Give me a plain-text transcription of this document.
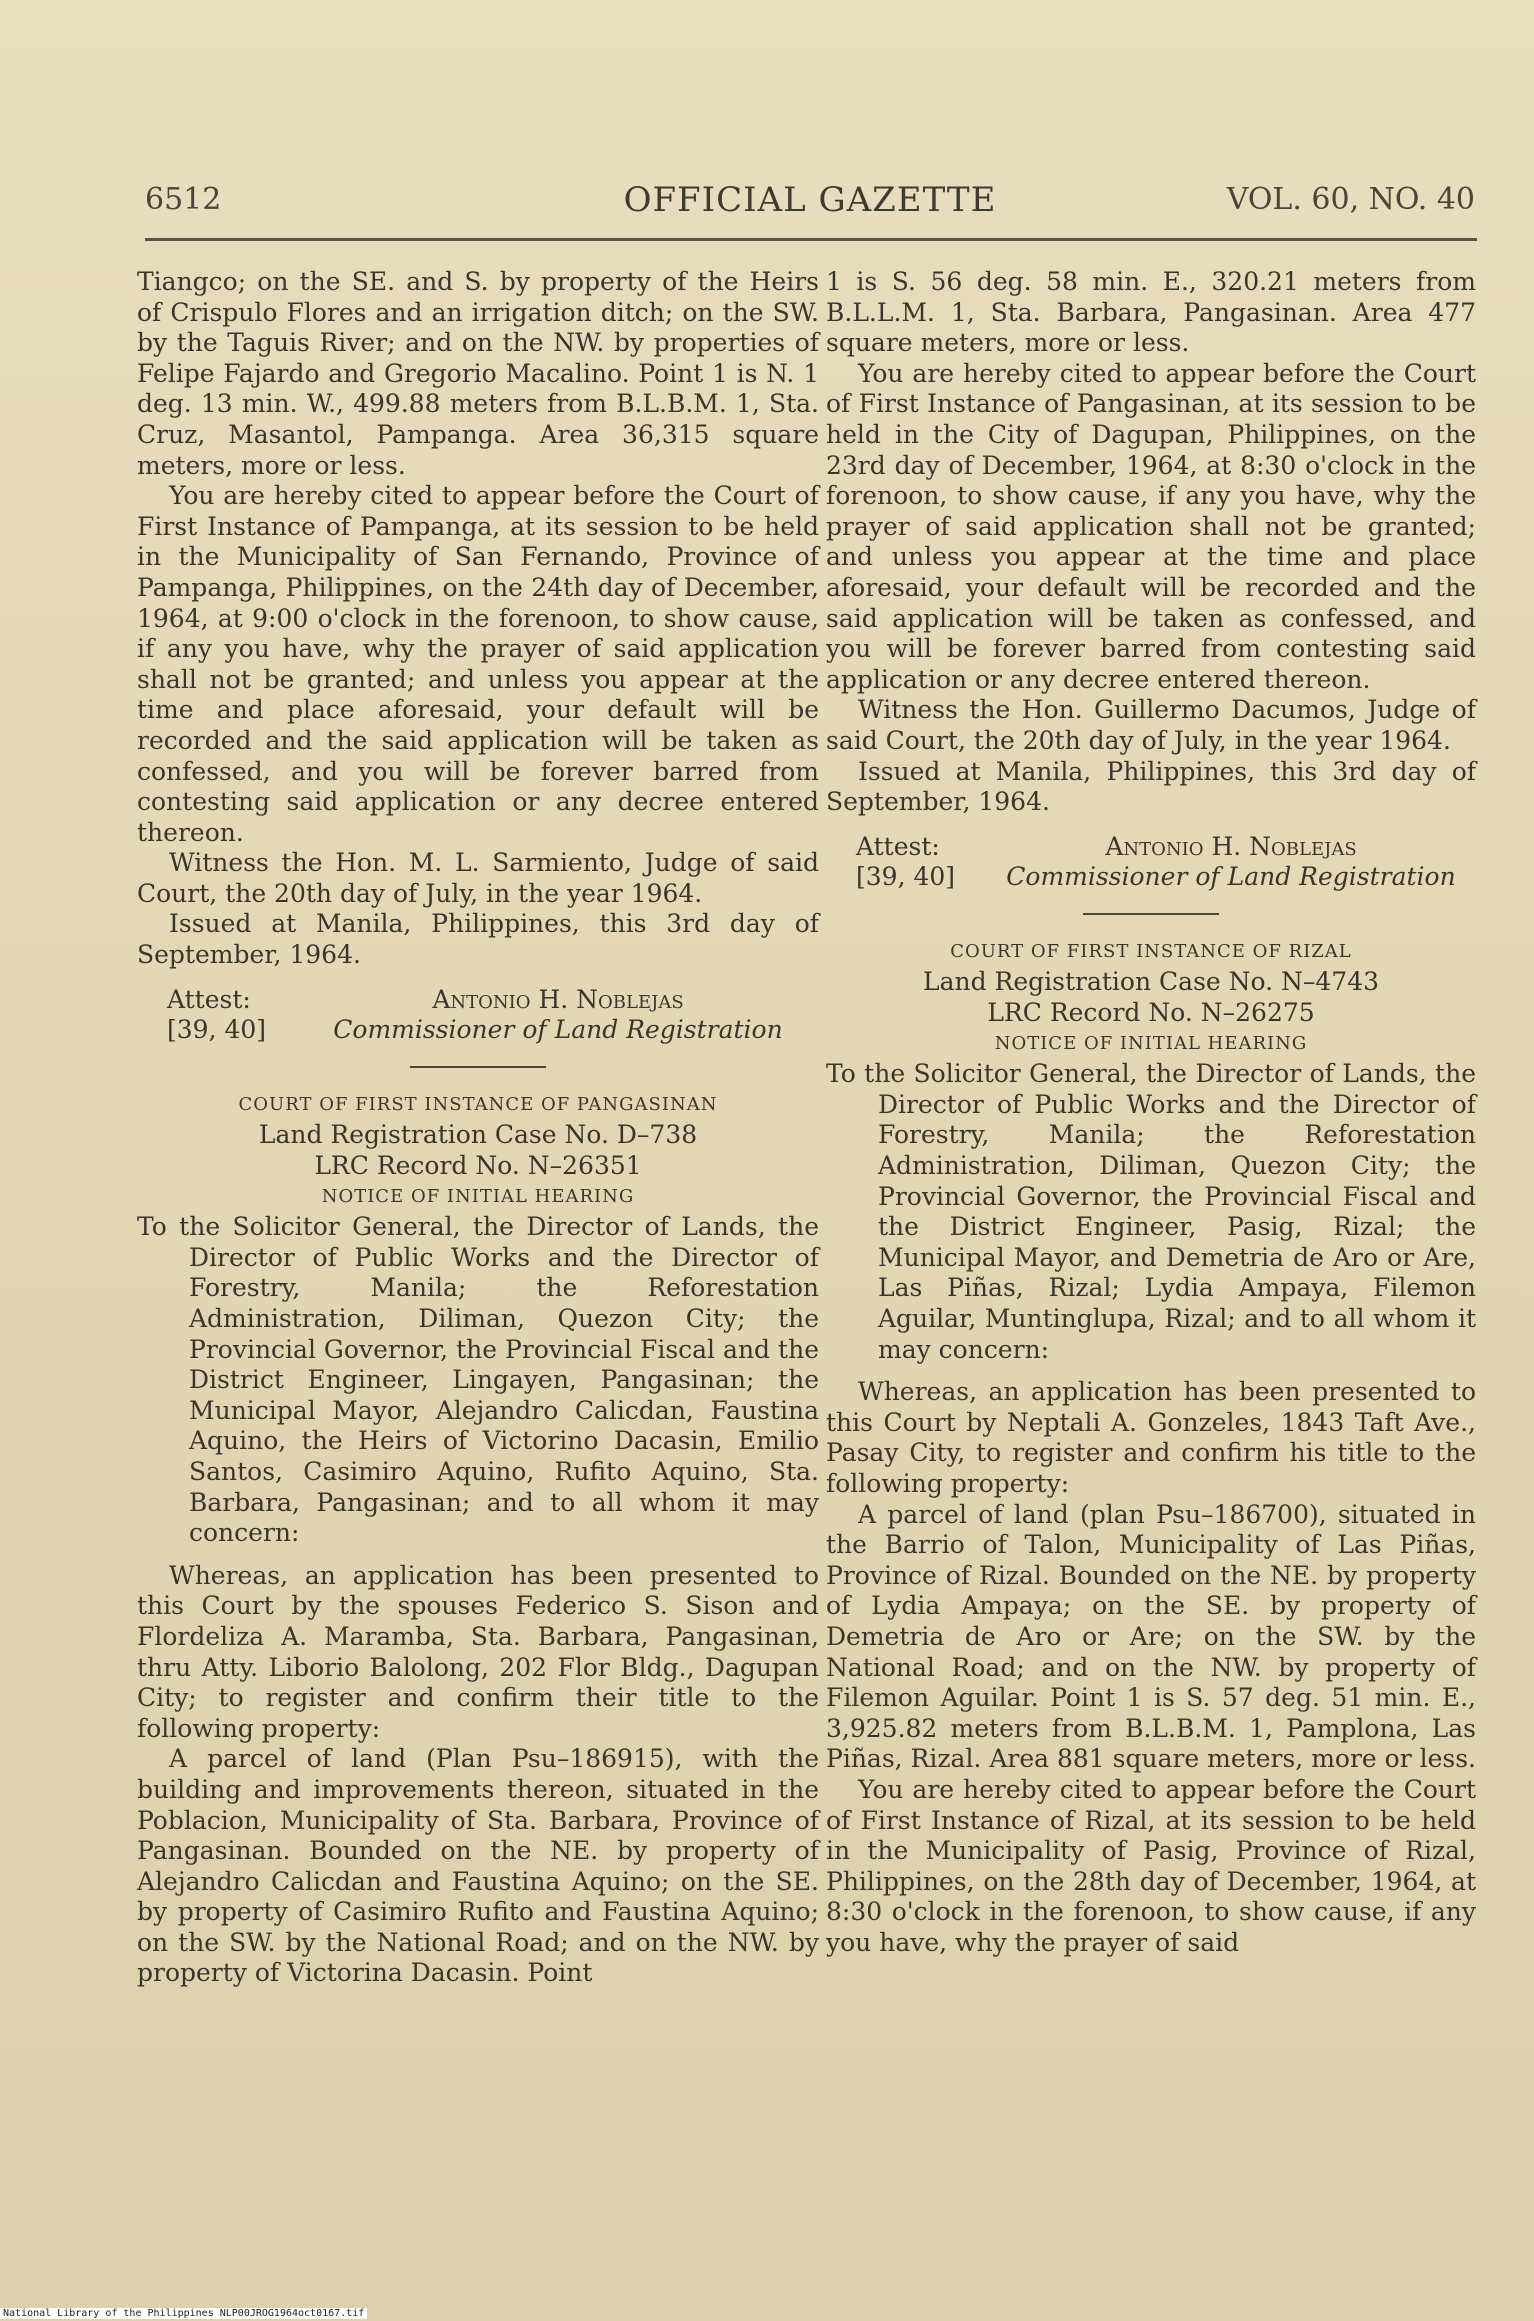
6512	OFFICIAL GAZETTE	VOL. 60, NO. 40

Tiangco; on the SE. and S. by property of the Heirs of Crispulo Flores and an irrigation ditch; on the SW. by the Taguis River; and on the NW. by properties of Felipe Fajardo and Gregorio Macalino. Point 1 is N. 1 deg. 13 min. W., 499.88 meters from B.L.B.M. 1, Sta. Cruz, Masantol, Pampanga. Area 36,315 square meters, more or less.

You are hereby cited to appear before the Court of First Instance of Pampanga, at its session to be held in the Municipality of San Fernando, Province of Pampanga, Philippines, on the 24th day of December, 1964, at 9:00 o'clock in the forenoon, to show cause, if any you have, why the prayer of said application shall not be granted; and unless you appear at the time and place aforesaid, your default will be recorded and the said application will be taken as confessed, and you will be forever barred from contesting said application or any decree entered thereon.

Witness the Hon. M. L. Sarmiento, Judge of said Court, the 20th day of July, in the year 1964.

Issued at Manila, Philippines, this 3rd day of September, 1964.

Attest:	Antonio H. Noblejas
[39, 40]	Commissioner of Land Registration

COURT OF FIRST INSTANCE OF PANGASINAN

Land Registration Case No. D–738

LRC Record No. N–26351

NOTICE OF INITIAL HEARING

To the Solicitor General, the Director of Lands, the Director of Public Works and the Director of Forestry, Manila; the Reforestation Administration, Diliman, Quezon City; the Provincial Governor, the Provincial Fiscal and the District Engineer, Lingayen, Pangasinan; the Municipal Mayor, Alejandro Calicdan, Faustina Aquino, the Heirs of Victorino Dacasin, Emilio Santos, Casimiro Aquino, Rufito Aquino, Sta. Barbara, Pangasinan; and to all whom it may concern:

Whereas, an application has been presented to this Court by the spouses Federico S. Sison and Flordeliza A. Maramba, Sta. Barbara, Pangasinan, thru Atty. Liborio Balolong, 202 Flor Bldg., Dagupan City; to register and confirm their title to the following property:

A parcel of land (Plan Psu–186915), with the building and improvements thereon, situated in the Poblacion, Municipality of Sta. Barbara, Province of Pangasinan. Bounded on the NE. by property of Alejandro Calicdan and Faustina Aquino; on the SE. by property of Casimiro Rufito and Faustina Aquino; on the SW. by the National Road; and on the NW. by property of Victorina Dacasin. Point

1 is S. 56 deg. 58 min. E., 320.21 meters from B.L.L.M. 1, Sta. Barbara, Pangasinan. Area 477 square meters, more or less.

You are hereby cited to appear before the Court of First Instance of Pangasinan, at its session to be held in the City of Dagupan, Philippines, on the 23rd day of December, 1964, at 8:30 o'clock in the forenoon, to show cause, if any you have, why the prayer of said application shall not be granted; and unless you appear at the time and place aforesaid, your default will be recorded and the said application will be taken as confessed, and you will be forever barred from contesting said application or any decree entered thereon.

Witness the Hon. Guillermo Dacumos, Judge of said Court, the 20th day of July, in the year 1964.

Issued at Manila, Philippines, this 3rd day of September, 1964.

Attest:	Antonio H. Noblejas
[39, 40]	Commissioner of Land Registration

COURT OF FIRST INSTANCE OF RIZAL

Land Registration Case No. N–4743

LRC Record No. N–26275

NOTICE OF INITIAL HEARING

To the Solicitor General, the Director of Lands, the Director of Public Works and the Director of Forestry, Manila; the Reforestation Administration, Diliman, Quezon City; the Provincial Governor, the Provincial Fiscal and the District Engineer, Pasig, Rizal; the Municipal Mayor, and Demetria de Aro or Are, Las Piñas, Rizal; Lydia Ampaya, Filemon Aguilar, Muntinglupa, Rizal; and to all whom it may concern:

Whereas, an application has been presented to this Court by Neptali A. Gonzeles, 1843 Taft Ave., Pasay City, to register and confirm his title to the following property:

A parcel of land (plan Psu–186700), situated in the Barrio of Talon, Municipality of Las Piñas, Province of Rizal. Bounded on the NE. by property of Lydia Ampaya; on the SE. by property of Demetria de Aro or Are; on the SW. by the National Road; and on the NW. by property of Filemon Aguilar. Point 1 is S. 57 deg. 51 min. E., 3,925.82 meters from B.L.B.M. 1, Pamplona, Las Piñas, Rizal. Area 881 square meters, more or less.

You are hereby cited to appear before the Court of First Instance of Rizal, at its session to be held in the Municipality of Pasig, Province of Rizal, Philippines, on the 28th day of December, 1964, at 8:30 o'clock in the forenoon, to show cause, if any you have, why the prayer of said

National Library of the Philippines NLP00JROG1964oct0167.tif
